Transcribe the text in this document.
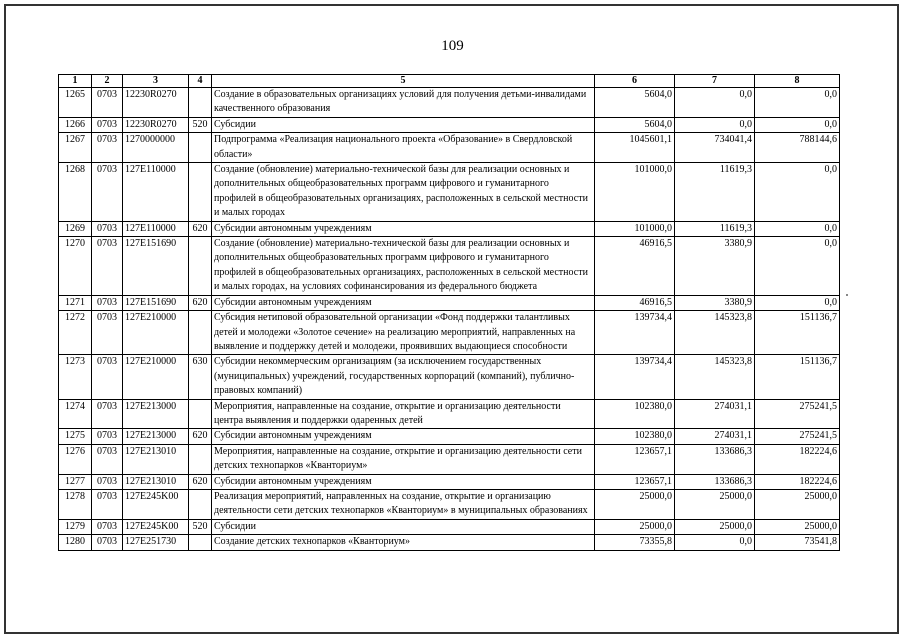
109
1	2	3	4	5	6	7	8
1265	0703	12230R0270		Создание в образовательных организациях условий для получения детьми-инвалидами качественного образования	5604,0	0,0	0,0
1266	0703	12230R0270	520	Субсидии	5604,0	0,0	0,0
1267	0703	1270000000		Подпрограмма «Реализация национального проекта «Образование» в Свердловской области»	1045601,1	734041,4	788144,6
1268	0703	127E110000		Создание (обновление) материально-технической базы для реализации основных и дополнительных общеобразовательных программ цифрового и гуманитарного профилей в общеобразовательных организациях, расположенных в сельской местности и малых городах	101000,0	11619,3	0,0
1269	0703	127E110000	620	Субсидии автономным учреждениям	101000,0	11619,3	0,0
1270	0703	127E151690		Создание (обновление) материально-технической базы для реализации основных и дополнительных общеобразовательных программ цифрового и гуманитарного профилей в общеобразовательных организациях, расположенных в сельской местности и малых городах, на условиях софинансирования из федерального бюджета	46916,5	3380,9	0,0
1271	0703	127E151690	620	Субсидии автономным учреждениям	46916,5	3380,9	0,0
1272	0703	127E210000		Субсидия нетиповой образовательной организации «Фонд поддержки талантливых детей и молодежи «Золотое сечение» на реализацию мероприятий, направленных на выявление и поддержку детей и молодежи, проявивших выдающиеся способности	139734,4	145323,8	151136,7
1273	0703	127E210000	630	Субсидии некоммерческим организациям (за исключением государственных (муниципальных) учреждений, государственных корпораций (компаний), публично-правовых компаний)	139734,4	145323,8	151136,7
1274	0703	127E213000		Мероприятия, направленные на создание, открытие и организацию деятельности центра выявления и поддержки одаренных детей	102380,0	274031,1	275241,5
1275	0703	127E213000	620	Субсидии автономным учреждениям	102380,0	274031,1	275241,5
1276	0703	127E213010		Мероприятия, направленные на создание, открытие и организацию деятельности сети детских технопарков «Кванториум»	123657,1	133686,3	182224,6
1277	0703	127E213010	620	Субсидии автономным учреждениям	123657,1	133686,3	182224,6
1278	0703	127E245K00		Реализация мероприятий, направленных на создание, открытие и организацию деятельности сети детских технопарков «Кванториум» в муниципальных образованиях	25000,0	25000,0	25000,0
1279	0703	127E245K00	520	Субсидии	25000,0	25000,0	25000,0
1280	0703	127E251730		Создание детских технопарков «Кванториум»	73355,8	0,0	73541,8
